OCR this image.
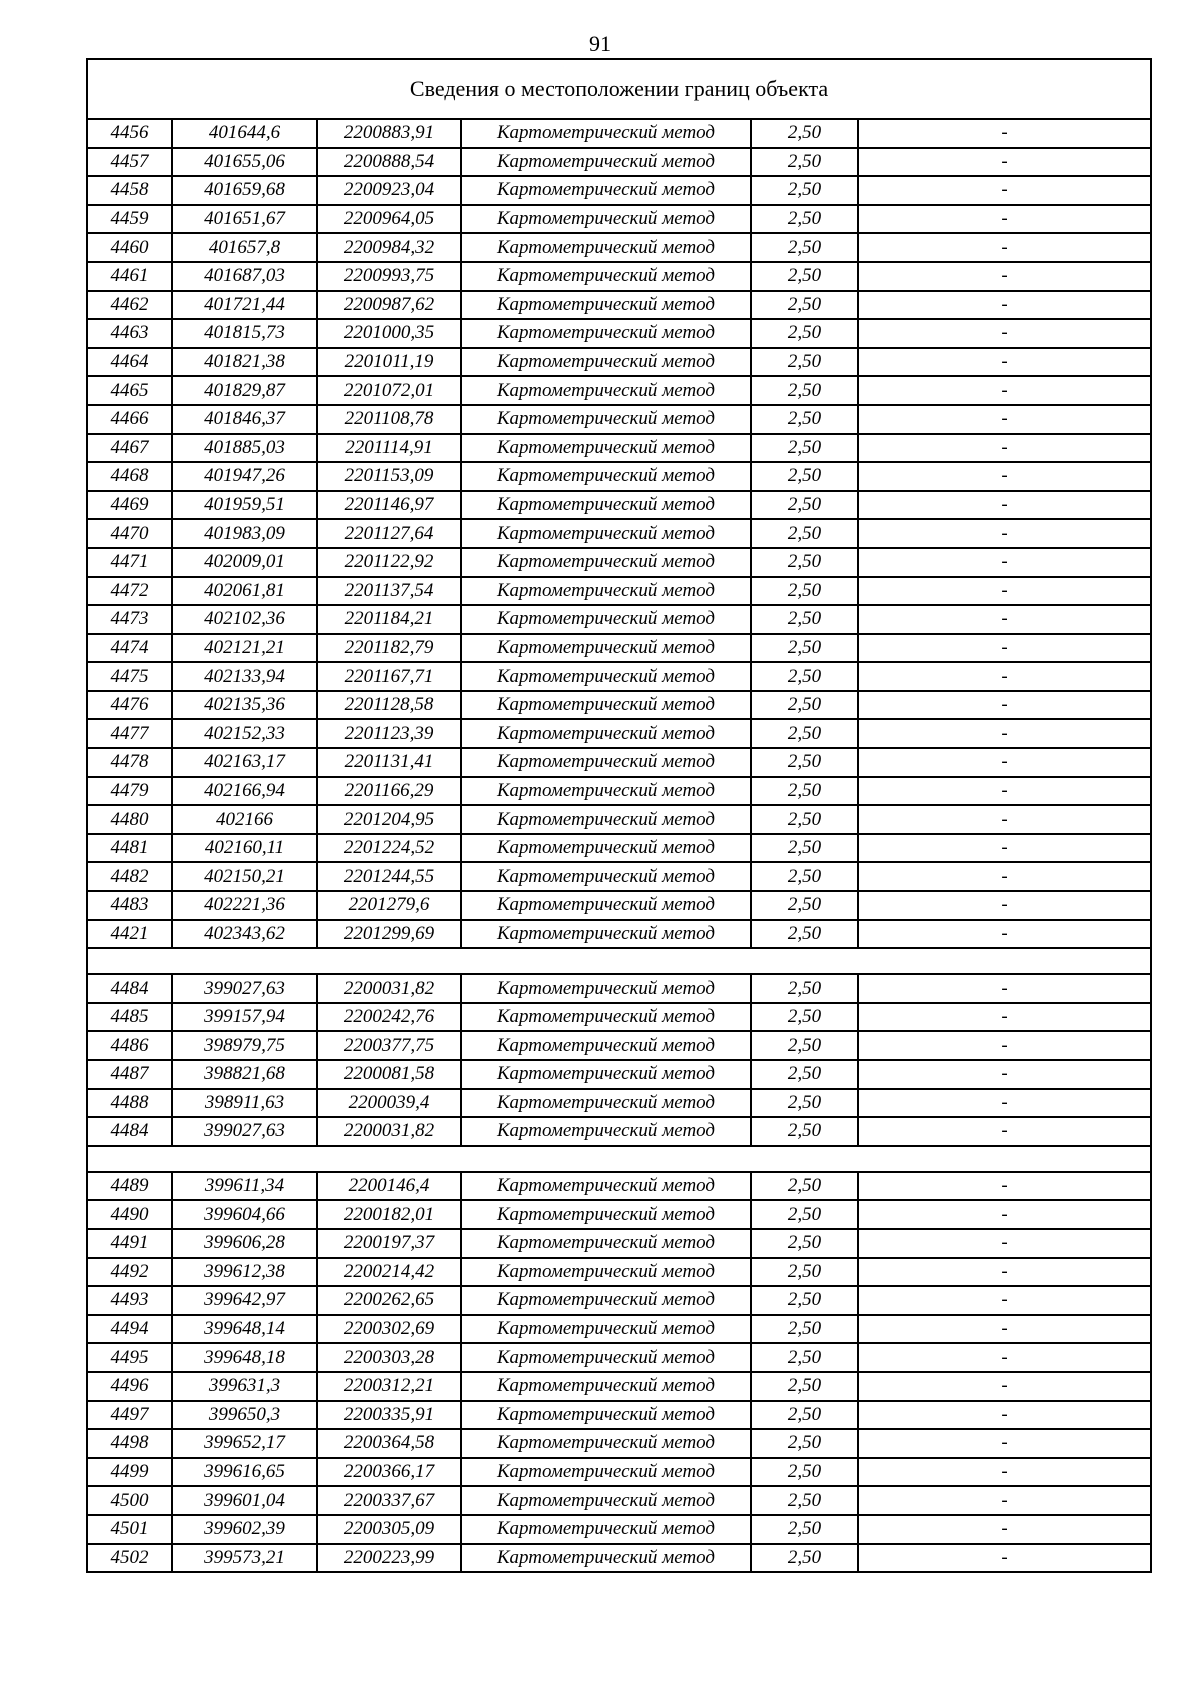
91
Сведения о местоположении границ объекта					
4456	401644,6	2200883,91	Картометрический метод	2,50	-
4457	401655,06	2200888,54	Картометрический метод	2,50	-
4458	401659,68	2200923,04	Картометрический метод	2,50	-
4459	401651,67	2200964,05	Картометрический метод	2,50	-
4460	401657,8	2200984,32	Картометрический метод	2,50	-
4461	401687,03	2200993,75	Картометрический метод	2,50	-
4462	401721,44	2200987,62	Картометрический метод	2,50	-
4463	401815,73	2201000,35	Картометрический метод	2,50	-
4464	401821,38	2201011,19	Картометрический метод	2,50	-
4465	401829,87	2201072,01	Картометрический метод	2,50	-
4466	401846,37	2201108,78	Картометрический метод	2,50	-
4467	401885,03	2201114,91	Картометрический метод	2,50	-
4468	401947,26	2201153,09	Картометрический метод	2,50	-
4469	401959,51	2201146,97	Картометрический метод	2,50	-
4470	401983,09	2201127,64	Картометрический метод	2,50	-
4471	402009,01	2201122,92	Картометрический метод	2,50	-
4472	402061,81	2201137,54	Картометрический метод	2,50	-
4473	402102,36	2201184,21	Картометрический метод	2,50	-
4474	402121,21	2201182,79	Картометрический метод	2,50	-
4475	402133,94	2201167,71	Картометрический метод	2,50	-
4476	402135,36	2201128,58	Картометрический метод	2,50	-
4477	402152,33	2201123,39	Картометрический метод	2,50	-
4478	402163,17	2201131,41	Картометрический метод	2,50	-
4479	402166,94	2201166,29	Картометрический метод	2,50	-
4480	402166	2201204,95	Картометрический метод	2,50	-
4481	402160,11	2201224,52	Картометрический метод	2,50	-
4482	402150,21	2201244,55	Картометрический метод	2,50	-
4483	402221,36	2201279,6	Картометрический метод	2,50	-
4421	402343,62	2201299,69	Картометрический метод	2,50	-

4484	399027,63	2200031,82	Картометрический метод	2,50	-
4485	399157,94	2200242,76	Картометрический метод	2,50	-
4486	398979,75	2200377,75	Картометрический метод	2,50	-
4487	398821,68	2200081,58	Картометрический метод	2,50	-
4488	398911,63	2200039,4	Картометрический метод	2,50	-
4484	399027,63	2200031,82	Картометрический метод	2,50	-

4489	399611,34	2200146,4	Картометрический метод	2,50	-
4490	399604,66	2200182,01	Картометрический метод	2,50	-
4491	399606,28	2200197,37	Картометрический метод	2,50	-
4492	399612,38	2200214,42	Картометрический метод	2,50	-
4493	399642,97	2200262,65	Картометрический метод	2,50	-
4494	399648,14	2200302,69	Картометрический метод	2,50	-
4495	399648,18	2200303,28	Картометрический метод	2,50	-
4496	399631,3	2200312,21	Картометрический метод	2,50	-
4497	399650,3	2200335,91	Картометрический метод	2,50	-
4498	399652,17	2200364,58	Картометрический метод	2,50	-
4499	399616,65	2200366,17	Картометрический метод	2,50	-
4500	399601,04	2200337,67	Картометрический метод	2,50	-
4501	399602,39	2200305,09	Картометрический метод	2,50	-
4502	399573,21	2200223,99	Картометрический метод	2,50	-
